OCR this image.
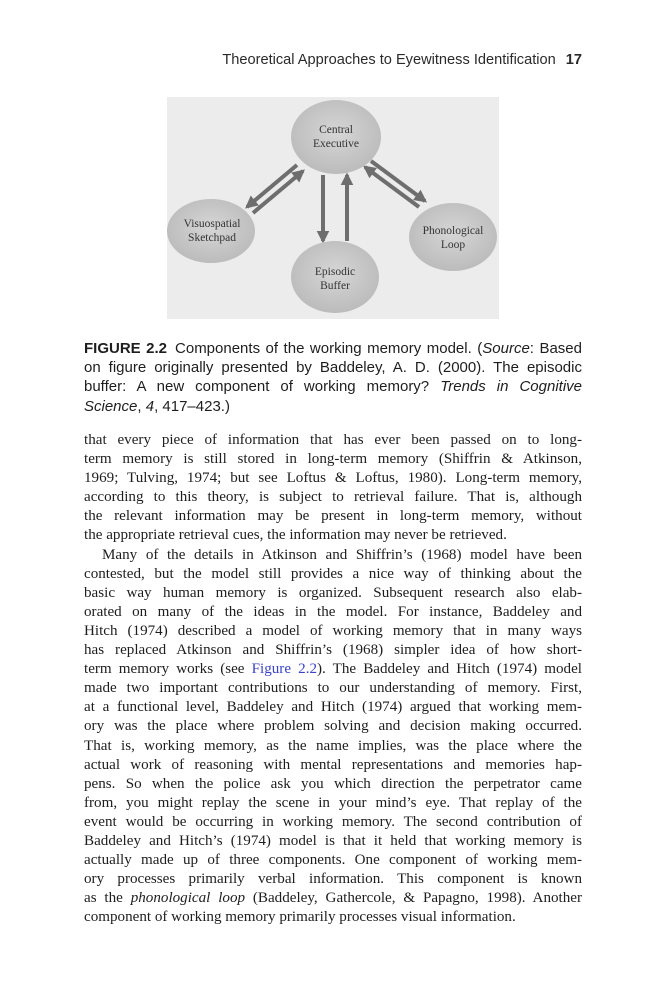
Theoretical Approaches to Eyewitness Identification 17
Central
Executive
Visuospatial
Sketchpad
Phonological
Loop
Episodic
Buffer
FIGURE 2.2 Components of the working memory model. (Source: Based on figure originally presented by Baddeley, A. D. (2000). The episodic buffer: A new component of working memory? Trends in Cognitive Science, 4, 417–423.)
that every piece of information that has ever been passed on to long-
term memory is still stored in long-term memory (Shiffrin & Atkinson,
1969; Tulving, 1974; but see Loftus & Loftus, 1980). Long-term memory,
according to this theory, is subject to retrieval failure. That is, although
the relevant information may be present in long-term memory, without
the appropriate retrieval cues, the information may never be retrieved.
Many of the details in Atkinson and Shiffrin’s (1968) model have been
contested, but the model still provides a nice way of thinking about the
basic way human memory is organized. Subsequent research also elab-
orated on many of the ideas in the model. For instance, Baddeley and
Hitch (1974) described a model of working memory that in many ways
has replaced Atkinson and Shiffrin’s (1968) simpler idea of how short-
term memory works (see Figure 2.2). The Baddeley and Hitch (1974) model
made two important contributions to our understanding of memory. First,
at a functional level, Baddeley and Hitch (1974) argued that working mem-
ory was the place where problem solving and decision making occurred.
That is, working memory, as the name implies, was the place where the
actual work of reasoning with mental representations and memories hap-
pens. So when the police ask you which direction the perpetrator came
from, you might replay the scene in your mind’s eye. That replay of the
event would be occurring in working memory. The second contribution of
Baddeley and Hitch’s (1974) model is that it held that working memory is
actually made up of three components. One component of working mem-
ory processes primarily verbal information. This component is known
as the phonological loop (Baddeley, Gathercole, & Papagno, 1998). Another
component of working memory primarily processes visual information.
